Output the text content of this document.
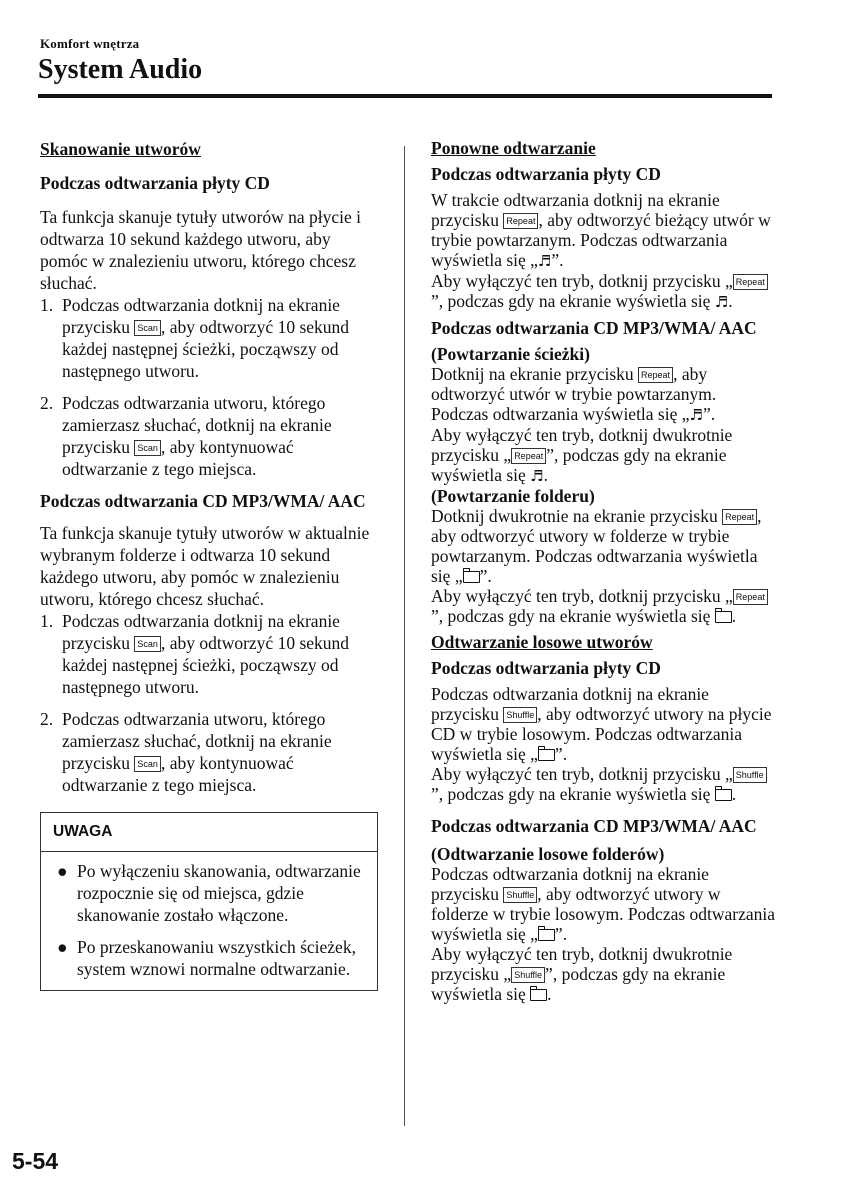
Komfort wnętrza
System Audio

Skanowanie utworów

Podczas odtwarzania płyty CD

Ta funkcja skanuje tytuły utworów na płycie i odtwarza 10 sekund każdego utworu, aby pomóc w znalezieniu utworu, którego chcesz słuchać.

1. Podczas odtwarzania dotknij na ekranie przycisku Scan , aby odtworzyć 10 sekund każdej następnej ścieżki, począwszy od następnego utworu.
2. Podczas odtwarzania utworu, którego zamierzasz słuchać, dotknij na ekranie przycisku Scan , aby kontynuować odtwarzanie z tego miejsca.

Podczas odtwarzania CD MP3/WMA/ AAC

Ta funkcja skanuje tytuły utworów w aktualnie wybranym folderze i odtwarza 10 sekund każdego utworu, aby pomóc w znalezieniu utworu, którego chcesz słuchać.

1. Podczas odtwarzania dotknij na ekranie przycisku Scan , aby odtworzyć 10 sekund każdej następnej ścieżki, począwszy od następnego utworu.
2. Podczas odtwarzania utworu, którego zamierzasz słuchać, dotknij na ekranie przycisku Scan , aby kontynuować odtwarzanie z tego miejsca.
UWAGA
● Po wyłączeniu skanowania, odtwarzanie rozpocznie się od miejsca, gdzie skanowanie zostało włączone.
● Po przeskanowaniu wszystkich ścieżek, system wznowi normalne odtwarzanie.

Ponowne odtwarzanie

Podczas odtwarzania płyty CD

W trakcie odtwarzania dotknij na ekranie przycisku Repeat , aby odtworzyć bieżący utwór w trybie powtarzanym. Podczas odtwarzania wyświetla się „♬”.
Aby wyłączyć ten tryb, dotknij przycisku „ Repeat”, podczas gdy na ekranie wyświetla się ♬.

Podczas odtwarzania CD MP3/WMA/ AAC

(Powtarzanie ścieżki)

Dotknij na ekranie przycisku Repeat , aby odtworzyć utwór w trybie powtarzanym. Podczas odtwarzania wyświetla się „♬”.
Aby wyłączyć ten tryb, dotknij dwukrotnie przycisku „ Repeat ”, podczas gdy na ekranie wyświetla się ♬.

(Powtarzanie folderu)

Dotknij dwukrotnie na ekranie przycisku Repeat , aby odtworzyć utwory w folderze w trybie powtarzanym. Podczas odtwarzania wyświetla się „ ”.
Aby wyłączyć ten tryb, dotknij przycisku „ Repeat”, podczas gdy na ekranie wyświetla się .

Odtwarzanie losowe utworów

Podczas odtwarzania płyty CD

Podczas odtwarzania dotknij na ekranie przycisku Shuffle , aby odtworzyć utwory na płycie CD w trybie losowym. Podczas odtwarzania wyświetla się „ ”.
Aby wyłączyć ten tryb, dotknij przycisku „ Shuffle”, podczas gdy na ekranie wyświetla się .

Podczas odtwarzania CD MP3/WMA/ AAC

(Odtwarzanie losowe folderów)

Podczas odtwarzania dotknij na ekranie przycisku Shuffle , aby odtworzyć utwory w folderze w trybie losowym. Podczas odtwarzania wyświetla się „ ”.
Aby wyłączyć ten tryb, dotknij dwukrotnie przycisku „ Shuffle ”, podczas gdy na ekranie wyświetla się .

5-54
